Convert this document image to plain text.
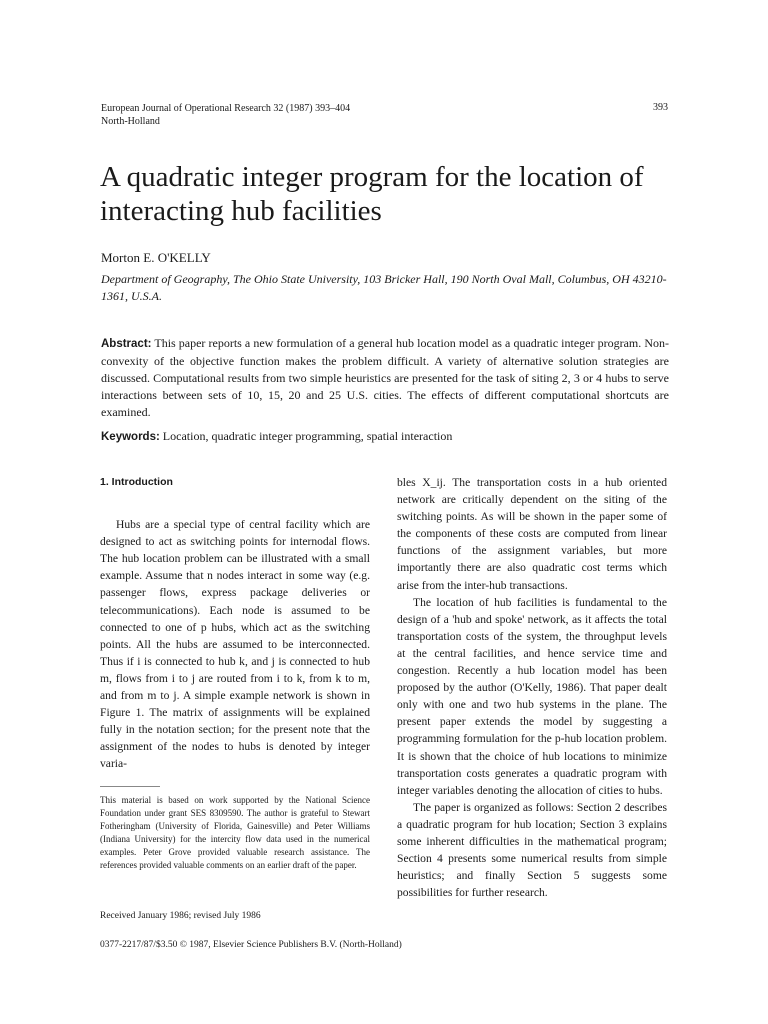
European Journal of Operational Research 32 (1987) 393–404
North-Holland
393
A quadratic integer program for the location of interacting hub facilities
Morton E. O'KELLY
Department of Geography, The Ohio State University, 103 Bricker Hall, 190 North Oval Mall, Columbus, OH 43210-1361, U.S.A.
Abstract: This paper reports a new formulation of a general hub location model as a quadratic integer program. Non-convexity of the objective function makes the problem difficult. A variety of alternative solution strategies are discussed. Computational results from two simple heuristics are presented for the task of siting 2, 3 or 4 hubs to serve interactions between sets of 10, 15, 20 and 25 U.S. cities. The effects of different computational shortcuts are examined.
Keywords: Location, quadratic integer programming, spatial interaction

1. Introduction

Hubs are a special type of central facility which are designed to act as switching points for internodal flows. The hub location problem can be illustrated with a small example. Assume that n nodes interact in some way (e.g. passenger flows, express package deliveries or telecommunications). Each node is assumed to be connected to one of p hubs, which act as the switching points. All the hubs are assumed to be interconnected. Thus if i is connected to hub k, and j is connected to hub m, flows from i to j are routed from i to k, from k to m, and from m to j. A simple example network is shown in Figure 1. The matrix of assignments will be explained fully in the notation section; for the present note that the assignment of the nodes to hubs is denoted by integer varia-

This material is based on work supported by the National Science Foundation under grant SES 8309590. The author is grateful to Stewart Fotheringham (University of Florida, Gainesville) and Peter Williams (Indiana University) for the intercity flow data used in the numerical examples. Peter Grove provided valuable research assistance. The references provided valuable comments on an earlier draft of the paper.
Received January 1986; revised July 1986

bles X_ij. The transportation costs in a hub oriented network are critically dependent on the siting of the switching points. As will be shown in the paper some of the components of these costs are computed from linear functions of the assignment variables, but more importantly there are also quadratic cost terms which arise from the inter-hub transactions.

The location of hub facilities is fundamental to the design of a 'hub and spoke' network, as it affects the total transportation costs of the system, the throughput levels at the central facilities, and hence service time and congestion. Recently a hub location model has been proposed by the author (O'Kelly, 1986). That paper dealt only with one and two hub systems in the plane. The present paper extends the model by suggesting a programming formulation for the p-hub location problem. It is shown that the choice of hub locations to minimize transportation costs generates a quadratic program with integer variables denoting the allocation of cities to hubs.

The paper is organized as follows: Section 2 describes a quadratic program for hub location; Section 3 explains some inherent difficulties in the mathematical program; Section 4 presents some numerical results from simple heuristics; and finally Section 5 suggests some possibilities for further research.

0377-2217/87/$3.50 © 1987, Elsevier Science Publishers B.V. (North-Holland)
